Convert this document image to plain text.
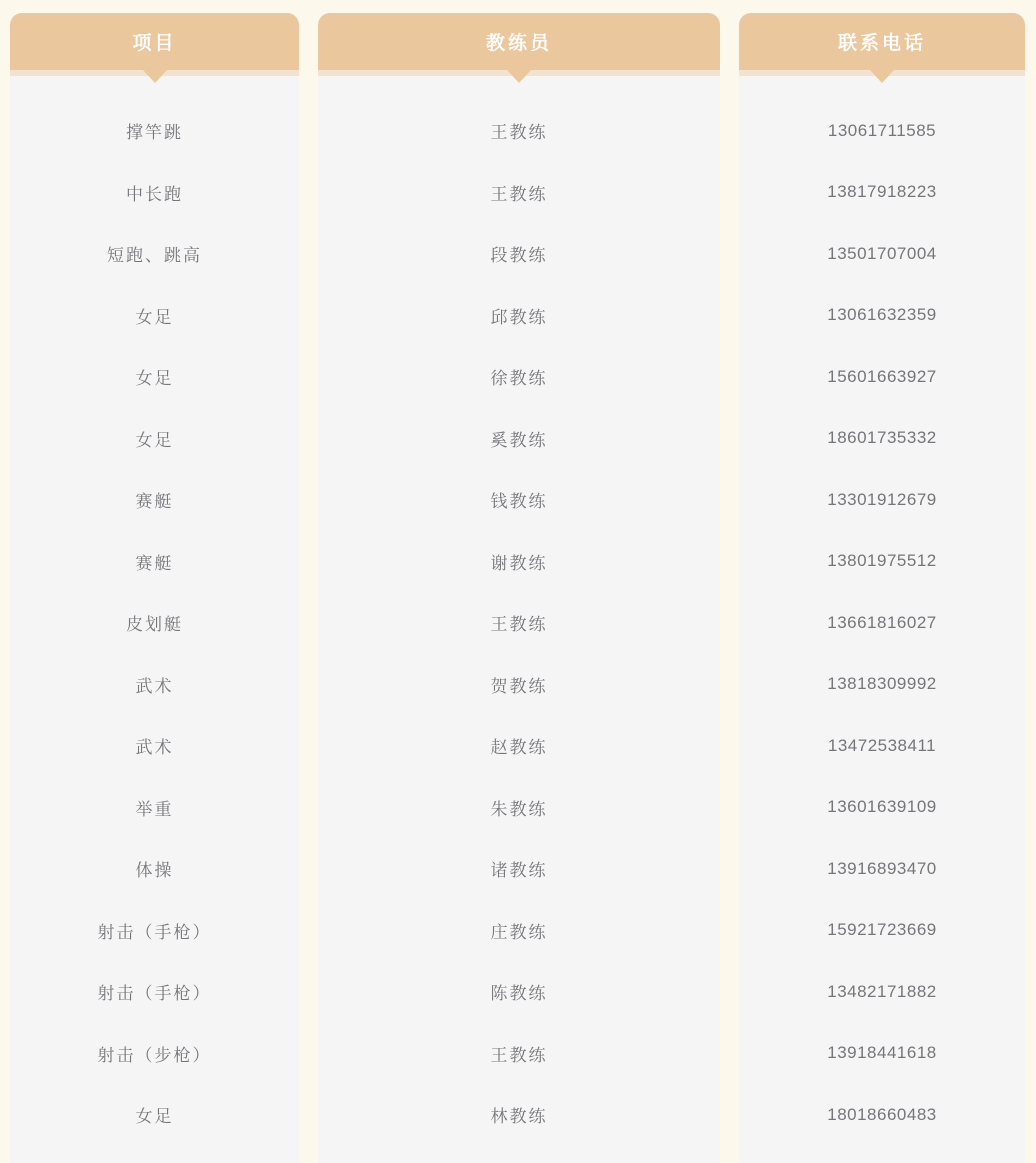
项目
撑竿跳
中长跑
短跑、跳高
女足
女足
女足
赛艇
赛艇
皮划艇
武术
武术
举重
体操
射击（手枪）
射击（手枪）
射击（步枪）
女足
教练员
王教练
王教练
段教练
邱教练
徐教练
奚教练
钱教练
谢教练
王教练
贺教练
赵教练
朱教练
诸教练
庄教练
陈教练
王教练
林教练
联系电话
13061711585
13817918223
13501707004
13061632359
15601663927
18601735332
13301912679
13801975512
13661816027
13818309992
13472538411
13601639109
13916893470
15921723669
13482171882
13918441618
18018660483
